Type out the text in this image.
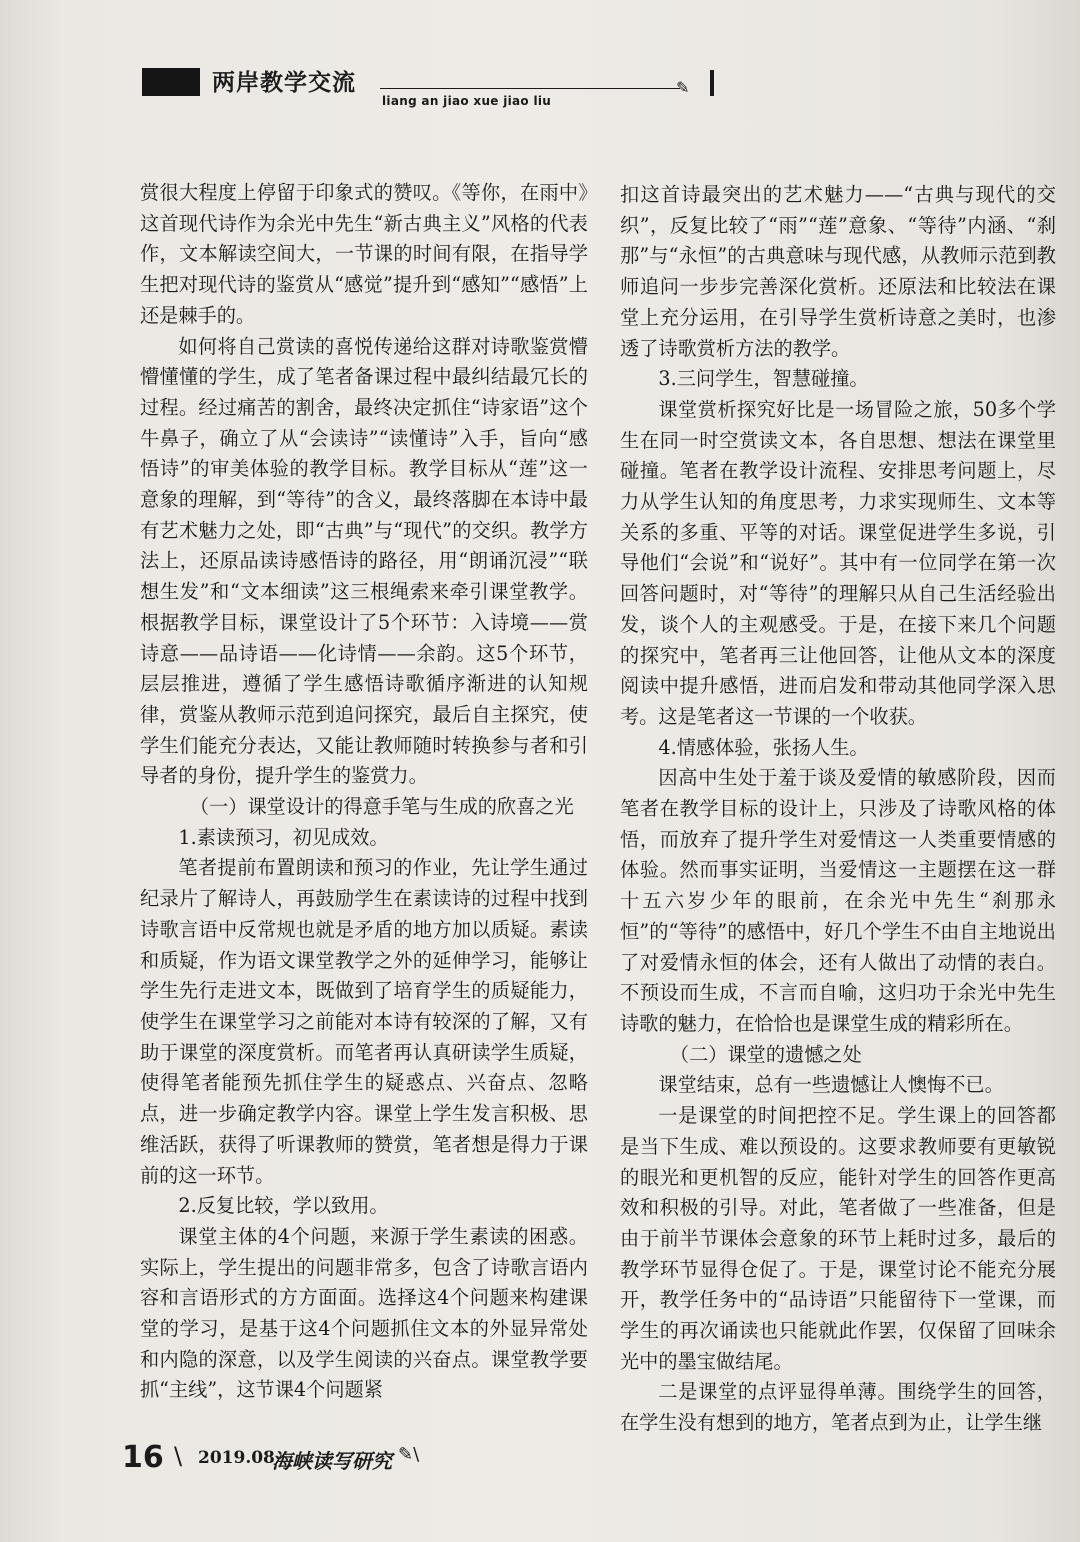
两岸教学交流	✎
liang an jiao xue jiao liu

赏很大程度上停留于印象式的赞叹。《等你，在雨中》这首现代诗作为余光中先生“新古典主义”风格的代表作，文本解读空间大，一节课的时间有限，在指导学生把对现代诗的鉴赏从“感觉”提升到“感知”“感悟”上还是棘手的。

如何将自己赏读的喜悦传递给这群对诗歌鉴赏懵懵懂懂的学生，成了笔者备课过程中最纠结最冗长的过程。经过痛苦的割舍，最终决定抓住“诗家语”这个牛鼻子，确立了从“会读诗”“读懂诗”入手，旨向“感悟诗”的审美体验的教学目标。教学目标从“莲”这一意象的理解，到“等待”的含义，最终落脚在本诗中最有艺术魅力之处，即“古典”与“现代”的交织。教学方法上，还原品读诗感悟诗的路径，用“朗诵沉浸”“联想生发”和“文本细读”这三根绳索来牵引课堂教学。根据教学目标，课堂设计了5个环节：入诗境——赏诗意——品诗语——化诗情——余韵。这5个环节，层层推进，遵循了学生感悟诗歌循序渐进的认知规律，赏鉴从教师示范到追问探究，最后自主探究，使学生们能充分表达，又能让教师随时转换参与者和引导者的身份，提升学生的鉴赏力。

（一）课堂设计的得意手笔与生成的欣喜之光

1.素读预习，初见成效。

笔者提前布置朗读和预习的作业，先让学生通过纪录片了解诗人，再鼓励学生在素读诗的过程中找到诗歌言语中反常规也就是矛盾的地方加以质疑。素读和质疑，作为语文课堂教学之外的延伸学习，能够让学生先行走进文本，既做到了培育学生的质疑能力，使学生在课堂学习之前能对本诗有较深的了解，又有助于课堂的深度赏析。而笔者再认真研读学生质疑，使得笔者能预先抓住学生的疑惑点、兴奋点、忽略点，进一步确定教学内容。课堂上学生发言积极、思维活跃，获得了听课教师的赞赏，笔者想是得力于课前的这一环节。

2.反复比较，学以致用。

课堂主体的4个问题，来源于学生素读的困惑。实际上，学生提出的问题非常多，包含了诗歌言语内容和言语形式的方方面面。选择这4个问题来构建课堂的学习，是基于这4个问题抓住文本的外显异常处和内隐的深意，以及学生阅读的兴奋点。课堂教学要抓“主线”，这节课4个问题紧

扣这首诗最突出的艺术魅力——“古典与现代的交织”，反复比较了“雨”“莲”意象、“等待”内涵、“刹那”与“永恒”的古典意味与现代感，从教师示范到教师追问一步步完善深化赏析。还原法和比较法在课堂上充分运用，在引导学生赏析诗意之美时，也渗透了诗歌赏析方法的教学。

3.三问学生，智慧碰撞。

课堂赏析探究好比是一场冒险之旅，50多个学生在同一时空赏读文本，各自思想、想法在课堂里碰撞。笔者在教学设计流程、安排思考问题上，尽力从学生认知的角度思考，力求实现师生、文本等关系的多重、平等的对话。课堂促进学生多说，引导他们“会说”和“说好”。其中有一位同学在第一次回答问题时，对“等待”的理解只从自己生活经验出发，谈个人的主观感受。于是，在接下来几个问题的探究中，笔者再三让他回答，让他从文本的深度阅读中提升感悟，进而启发和带动其他同学深入思考。这是笔者这一节课的一个收获。

4.情感体验，张扬人生。

因高中生处于羞于谈及爱情的敏感阶段，因而笔者在教学目标的设计上，只涉及了诗歌风格的体悟，而放弃了提升学生对爱情这一人类重要情感的体验。然而事实证明，当爱情这一主题摆在这一群十五六岁少年的眼前，在余光中先生“刹那永恒”的“等待”的感悟中，好几个学生不由自主地说出了对爱情永恒的体会，还有人做出了动情的表白。不预设而生成，不言而自喻，这归功于余光中先生诗歌的魅力，在恰恰也是课堂生成的精彩所在。

（二）课堂的遗憾之处

课堂结束，总有一些遗憾让人懊悔不已。

一是课堂的时间把控不足。学生课上的回答都是当下生成、难以预设的。这要求教师要有更敏锐的眼光和更机智的反应，能针对学生的回答作更高效和积极的引导。对此，笔者做了一些准备，但是由于前半节课体会意象的环节上耗时过多，最后的教学环节显得仓促了。于是，课堂讨论不能充分展开，教学任务中的“品诗语”只能留待下一堂课，而学生的再次诵读也只能就此作罢，仅保留了回味余光中的墨宝做结尾。

二是课堂的点评显得单薄。围绕学生的回答，在学生没有想到的地方，笔者点到为止，让学生继

16 \ 2019.08
海峡读写研究 ✎\
